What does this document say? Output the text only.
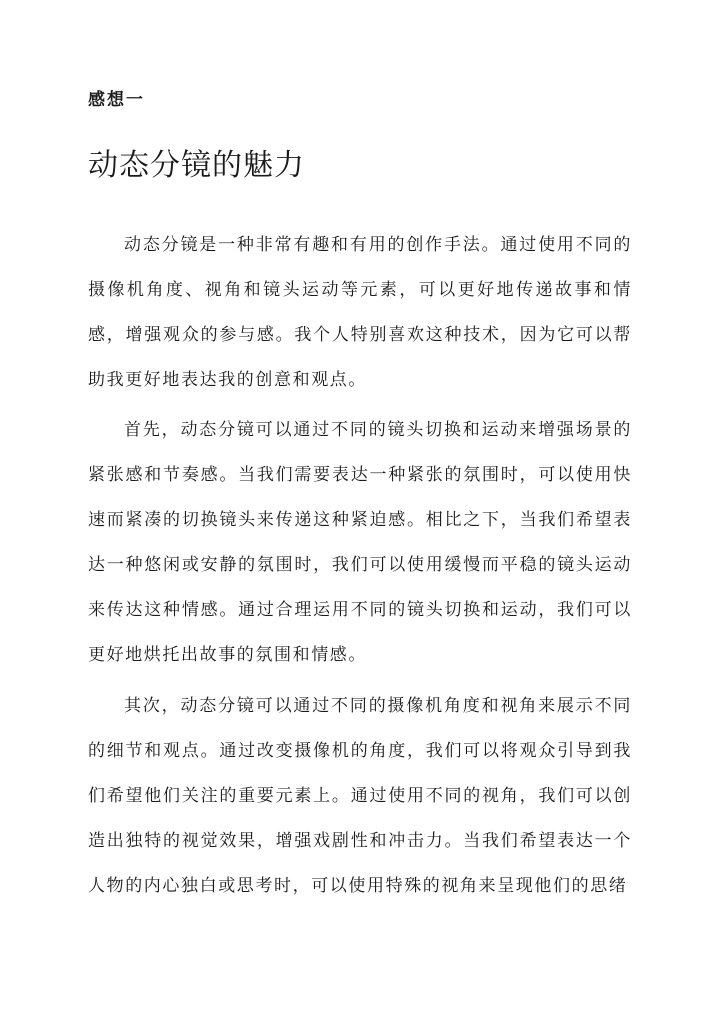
感想一
动态分镜的魅力

动态分镜是一种非常有趣和有用的创作手法。通过使用不同的摄像机角度、视角和镜头运动等元素，可以更好地传递故事和情感，增强观众的参与感。我个人特别喜欢这种技术，因为它可以帮助我更好地表达我的创意和观点。

首先，动态分镜可以通过不同的镜头切换和运动来增强场景的紧张感和节奏感。当我们需要表达一种紧张的氛围时，可以使用快速而紧凑的切换镜头来传递这种紧迫感。相比之下，当我们希望表达一种悠闲或安静的氛围时，我们可以使用缓慢而平稳的镜头运动来传达这种情感。通过合理运用不同的镜头切换和运动，我们可以更好地烘托出故事的氛围和情感。

其次，动态分镜可以通过不同的摄像机角度和视角来展示不同的细节和观点。通过改变摄像机的角度，我们可以将观众引导到我们希望他们关注的重要元素上。通过使用不同的视角，我们可以创造出独特的视觉效果，增强戏剧性和冲击力。当我们希望表达一个人物的内心独白或思考时，可以使用特殊的视角来呈现他们的思绪
